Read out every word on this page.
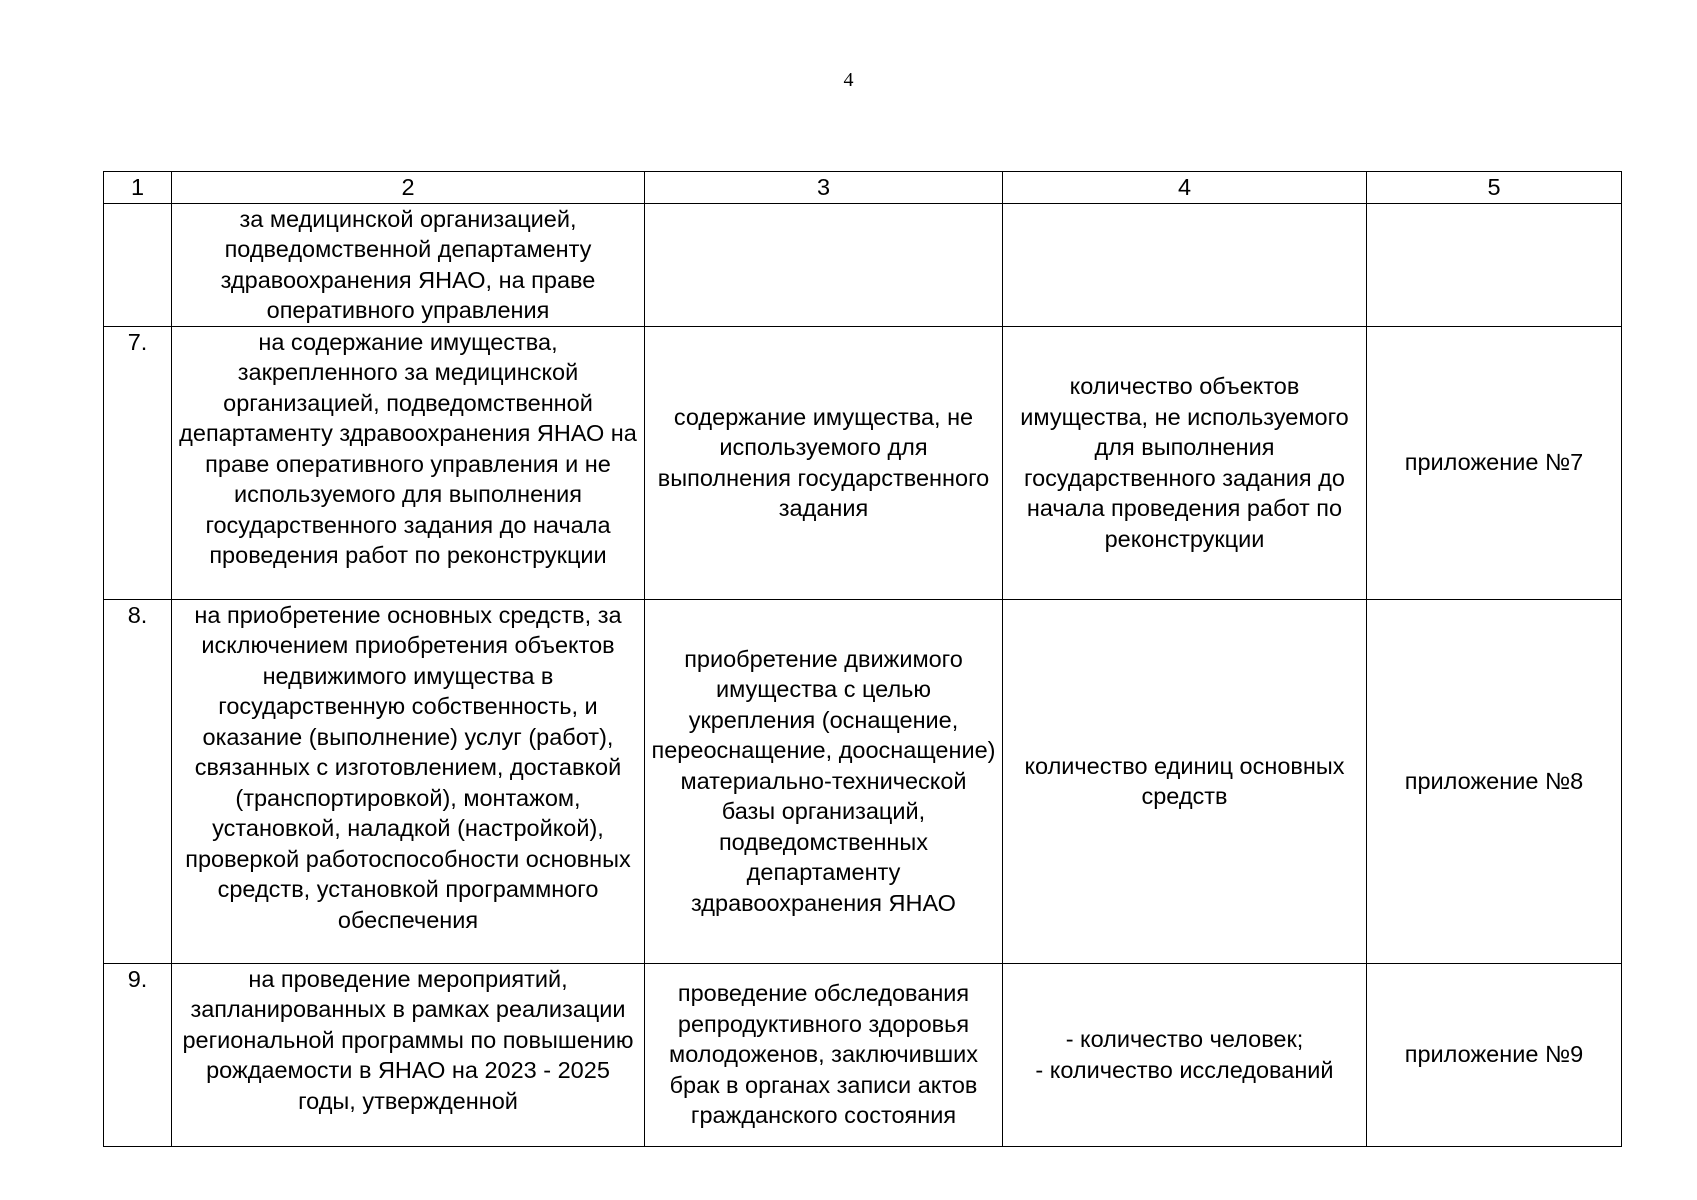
4
1	2	3	4	5
	за медицинской организацией, подведомственной департаменту здравоохранения ЯНАО, на праве оперативного управления			
7.	на содержание имущества, закрепленного за медицинской организацией, подведомственной департаменту здравоохранения ЯНАО на праве оперативного управления и не используемого для выполнения государственного задания до начала проведения работ по реконструкции	содержание имущества, не используемого для выполнения государственного задания	количество объектов имущества, не используемого для выполнения государственного задания до начала проведения работ по реконструкции	приложение №7
8.	на приобретение основных средств, за исключением приобретения объектов недвижимого имущества в государственную собственность, и оказание (выполнение) услуг (работ), связанных с изготовлением, доставкой (транспортировкой), монтажом, установкой, наладкой (настройкой), проверкой работоспособности основных средств, установкой программного обеспечения	приобретение движимого имущества с целью укрепления (оснащение, переоснащение, дооснащение) материально-технической базы организаций, подведомственных департаменту здравоохранения ЯНАО	количество единиц основных средств	приложение №8
9.	на проведение мероприятий, запланированных в рамках реализации региональной программы по повышению рождаемости в ЯНАО на 2023 - 2025 годы, утвержденной	проведение обследования репродуктивного здоровья молодоженов, заключивших брак в органах записи актов гражданского состояния	- количество человек;
- количество исследований	приложение №9
